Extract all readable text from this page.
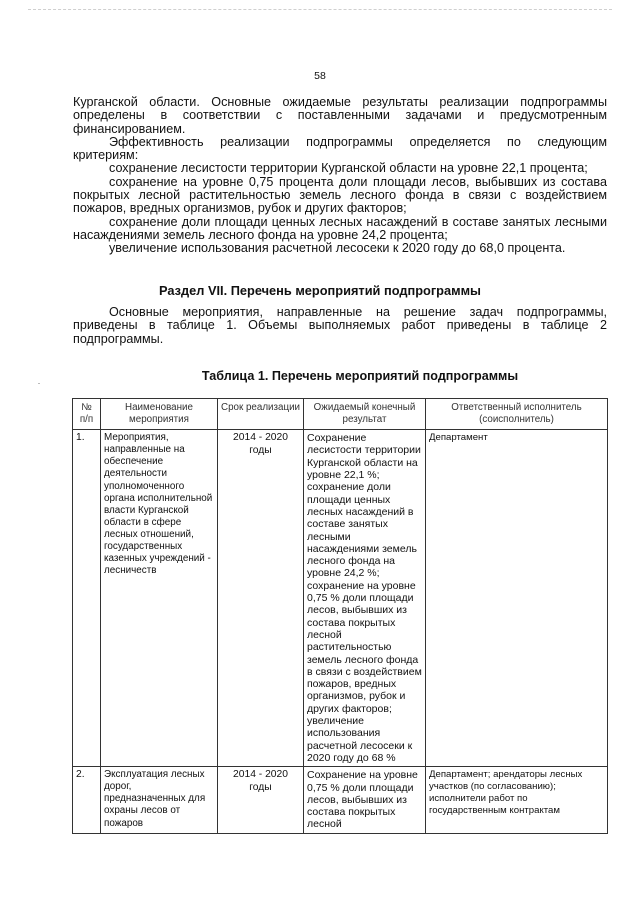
58

Курганской области. Основные ожидаемые результаты реализации подпрограммы определены в соответствии с поставленными задачами и предусмотренным финансированием.

Эффективность реализации подпрограммы определяется по следующим критериям:

сохранение лесистости территории Курганской области на уровне 22,1 процента;

сохранение на уровне 0,75 процента доли площади лесов, выбывших из состава покрытых лесной растительностью земель лесного фонда в связи с воздействием пожаров, вредных организмов, рубок и других факторов;

сохранение доли площади ценных лесных насаждений в составе занятых лесными насаждениями земель лесного фонда на уровне 24,2 процента;

увеличение использования расчетной лесосеки к 2020 году до 68,0 процента.

Раздел VII. Перечень мероприятий подпрограммы

Основные мероприятия, направленные на решение задач подпрограммы, приведены в таблице 1. Объемы выполняемых работ приведены в таблице 2 подпрограммы.

Таблица 1. Перечень мероприятий подпрограммы
№ п/п	Наименование мероприятия	Срок реализации	Ожидаемый конечный результат	Ответственный исполнитель (соисполнитель)
1.	Мероприятия, направленные на обеспечение деятельности уполномоченного органа исполнительной власти Курганской области в сфере лесных отношений, государственных казенных учреждений - лесничеств	2014 - 2020 годы	Сохранение лесистости территории Курганской области на уровне 22,1 %; сохранение доли площади ценных лесных насаждений в составе занятых лесными насаждениями земель лесного фонда на уровне 24,2 %; сохранение на уровне 0,75 % доли площади лесов, выбывших из состава покрытых лесной растительностью земель лесного фонда в связи с воздействием пожаров, вредных организмов, рубок и других факторов; увеличение использования расчетной лесосеки к 2020 году до 68 %	Департамент
2.	Эксплуатация лесных дорог, предназначенных для охраны лесов от пожаров	2014 - 2020 годы	Сохранение на уровне 0,75 % доли площади лесов, выбывших из состава покрытых лесной	Департамент; арендаторы лесных участков (по согласованию); исполнители работ по государственным контрактам
